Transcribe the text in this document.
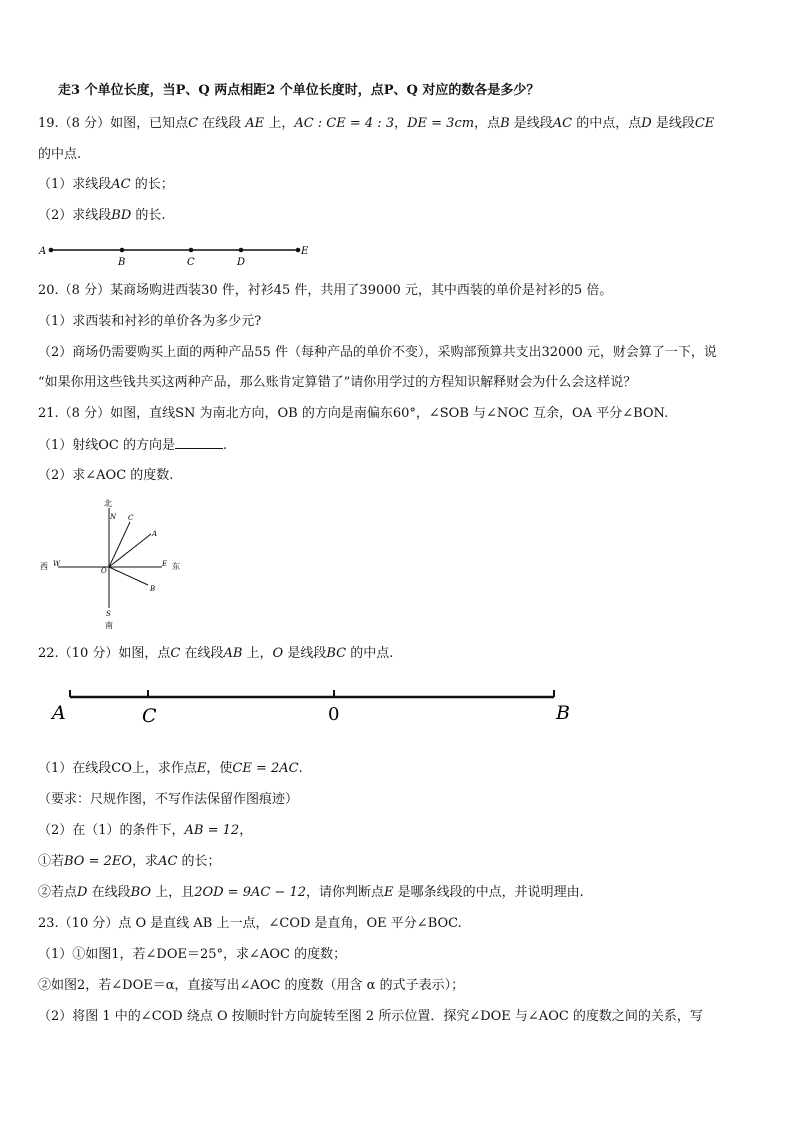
走3 个单位长度，当P、Q 两点相距2 个单位长度时，点P、Q 对应的数各是多少？
19.（8 分）如图，已知点C 在线段 AE 上，AC : CE = 4 : 3，DE = 3cm，点B 是线段AC 的中点，点D 是线段CE
的中点.
（1）求线段AC 的长；
（2）求线段BD 的长.
A
B	C	D
E
20.（8 分）某商场购进西装30 件，衬衫45 件，共用了39000 元，其中西装的单价是衬衫的5 倍。
（1）求西装和衬衫的单价各为多少元?
（2）商场仍需要购买上面的两种产品55 件（每种产品的单价不变），采购部预算共支出32000 元，财会算了一下，说
“如果你用这些钱共买这两种产品，那么账肯定算错了”请你用学过的方程知识解释财会为什么会这样说？
21.（8 分）如图，直线SN 为南北方向，OB 的方向是南偏东60°，∠SOB 与∠NOC 互余，OA 平分∠BON.
（1）射线OC 的方向是	.
（2）求∠AOC 的度数.
北
N C
A
西 W
O
E 东
B
S
南
22.（10 分）如图，点C 在线段AB 上，O 是线段BC 的中点.
A	C	0	B
（1）在线段CO上，求作点E，使CE = 2AC.
（要求：尺规作图，不写作法保留作图痕迹）
（2）在（1）的条件下，AB = 12，
①若BO = 2EO，求AC 的长；
②若点D 在线段BO 上，且2OD = 9AC − 12，请你判断点E 是哪条线段的中点，并说明理由.
23.（10 分）点 O 是直线 AB 上一点，∠COD 是直角，OE 平分∠BOC.
（1）①如图1，若∠DOE＝25°，求∠AOC 的度数；
②如图2，若∠DOE＝α，直接写出∠AOC 的度数（用含 α 的式子表示）；
（2）将图 1 中的∠COD 绕点 O 按顺时针方向旋转至图 2 所示位置．探究∠DOE 与∠AOC 的度数之间的关系，写
